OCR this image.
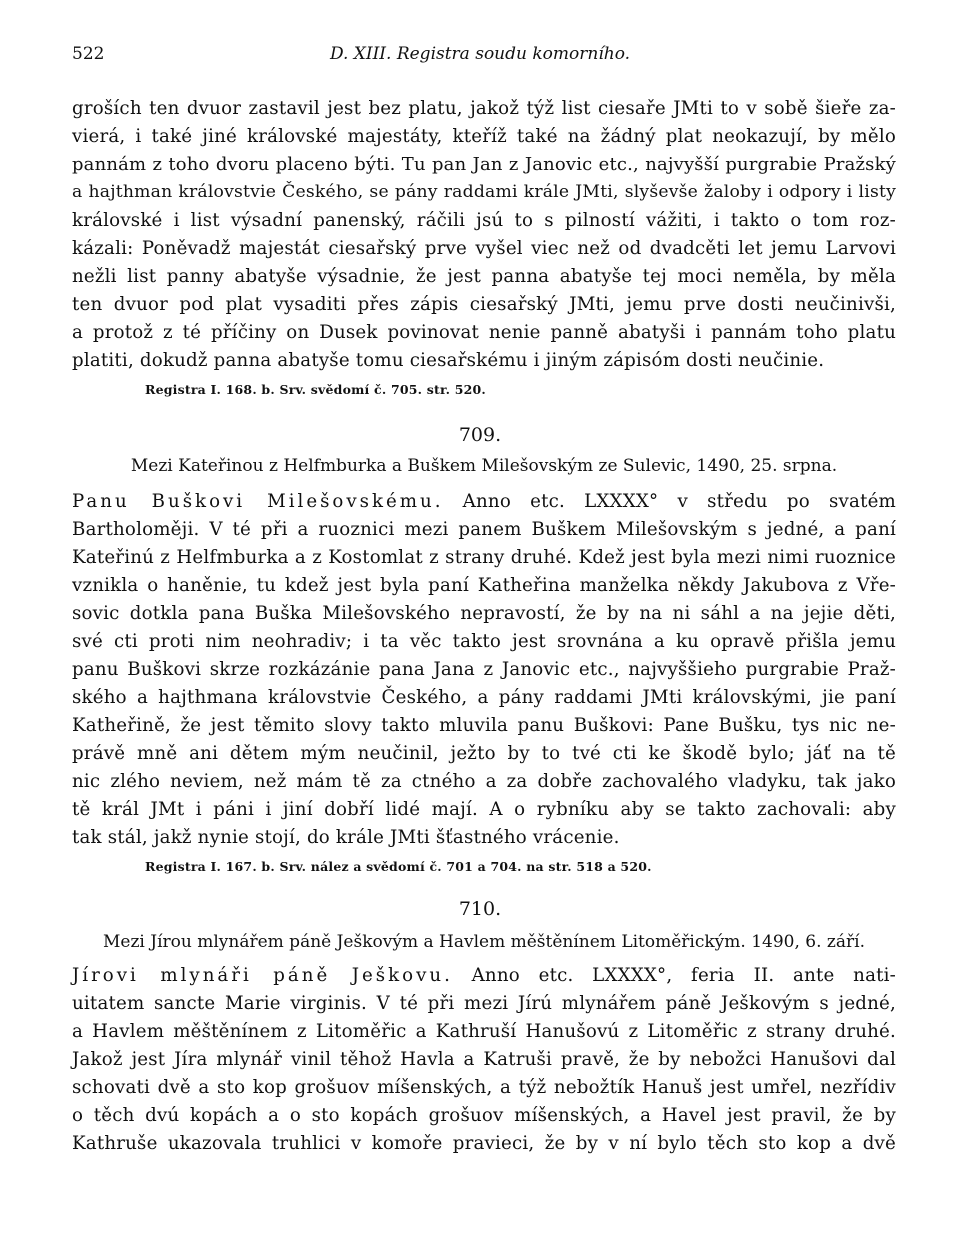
522	D. XIII. Registra soudu komorního.
groších ten dvuor zastavil jest bez platu, jakož týž list ciesaře JMti to v sobě šieře za-
vierá, i také jiné královské majestáty, kteříž také na žádný plat neokazují, by mělo
pannám z toho dvoru placeno býti. Tu pan Jan z Janovic etc., najvyšší purgrabie Pražský
a hajthman královstvie Českého, se pány raddami krále JMti, slyševše žaloby i odpory i listy
královské i list výsadní panenský, ráčili jsú to s pilností vážiti, i takto o tom roz-
kázali: Poněvadž majestát ciesařský prve vyšel viec než od dvadcěti let jemu Larvovi
nežli list panny abatyše výsadnie, že jest panna abatyše tej moci neměla, by měla
ten dvuor pod plat vysaditi přes zápis ciesařský JMti, jemu prve dosti neučinivši,
a protož z té příčiny on Dusek povinovat nenie panně abatyši i pannám toho platu
platiti, dokudž panna abatyše tomu ciesařskému i jiným zápisóm dosti neučinie.
Registra I. 168. b. Srv. svědomí č. 705. str. 520.
709.
Mezi Kateřinou z Helfmburka a Buškem Milešovským ze Sulevic, 1490, 25. srpna.
Panu Buškovi Milešovskému. Anno etc. LXXXX° v středu po svatém
Bartholoměji. V té při a ruoznici mezi panem Buškem Milešovským s jedné, a paní
Kateřinú z Helfmburka a z Kostomlat z strany druhé. Kdež jest byla mezi nimi ruoznice
vznikla o haněnie, tu kdež jest byla paní Katheřina manželka někdy Jakubova z Vře-
sovic dotkla pana Buška Milešovského nepravostí, že by na ni sáhl a na jejie děti,
své cti proti nim neohradiv; i ta věc takto jest srovnána a ku opravě přišla jemu
panu Buškovi skrze rozkázánie pana Jana z Janovic etc., najvyššieho purgrabie Praž-
ského a hajthmana královstvie Českého, a pány raddami JMti královskými, jie paní
Katheřině, že jest těmito slovy takto mluvila panu Buškovi: Pane Bušku, tys nic ne-
právě mně ani dětem mým neučinil, ježto by to tvé cti ke škodě bylo; jáť na tě
nic zlého neviem, než mám tě za ctného a za dobře zachovalého vladyku, tak jako
tě král JMt i páni i jiní dobří lidé mají. A o rybníku aby se takto zachovali: aby
tak stál, jakž nynie stojí, do krále JMti šťastného vrácenie.
Registra I. 167. b. Srv. nález a svědomí č. 701 a 704. na str. 518 a 520.
710.
Mezi Jírou mlynářem páně Ješkovým a Havlem měštěnínem Litoměřickým. 1490, 6. září.
Jírovi mlynáři páně Ješkovu. Anno etc. LXXXX°, feria II. ante nati-
uitatem sancte Marie virginis. V té při mezi Jírú mlynářem páně Ješkovým s jedné,
a Havlem měštěnínem z Litoměřic a Kathruší Hanušovú z Litoměřic z strany druhé.
Jakož jest Jíra mlynář vinil těhož Havla a Katruši pravě, že by nebožci Hanušovi dal
schovati dvě a sto kop grošuov míšenských, a týž nebožtík Hanuš jest umřel, nezřídiv
o těch dvú kopách a o sto kopách grošuov míšenských, a Havel jest pravil, že by
Kathruše ukazovala truhlici v komoře pravieci, že by v ní bylo těch sto kop a dvě
